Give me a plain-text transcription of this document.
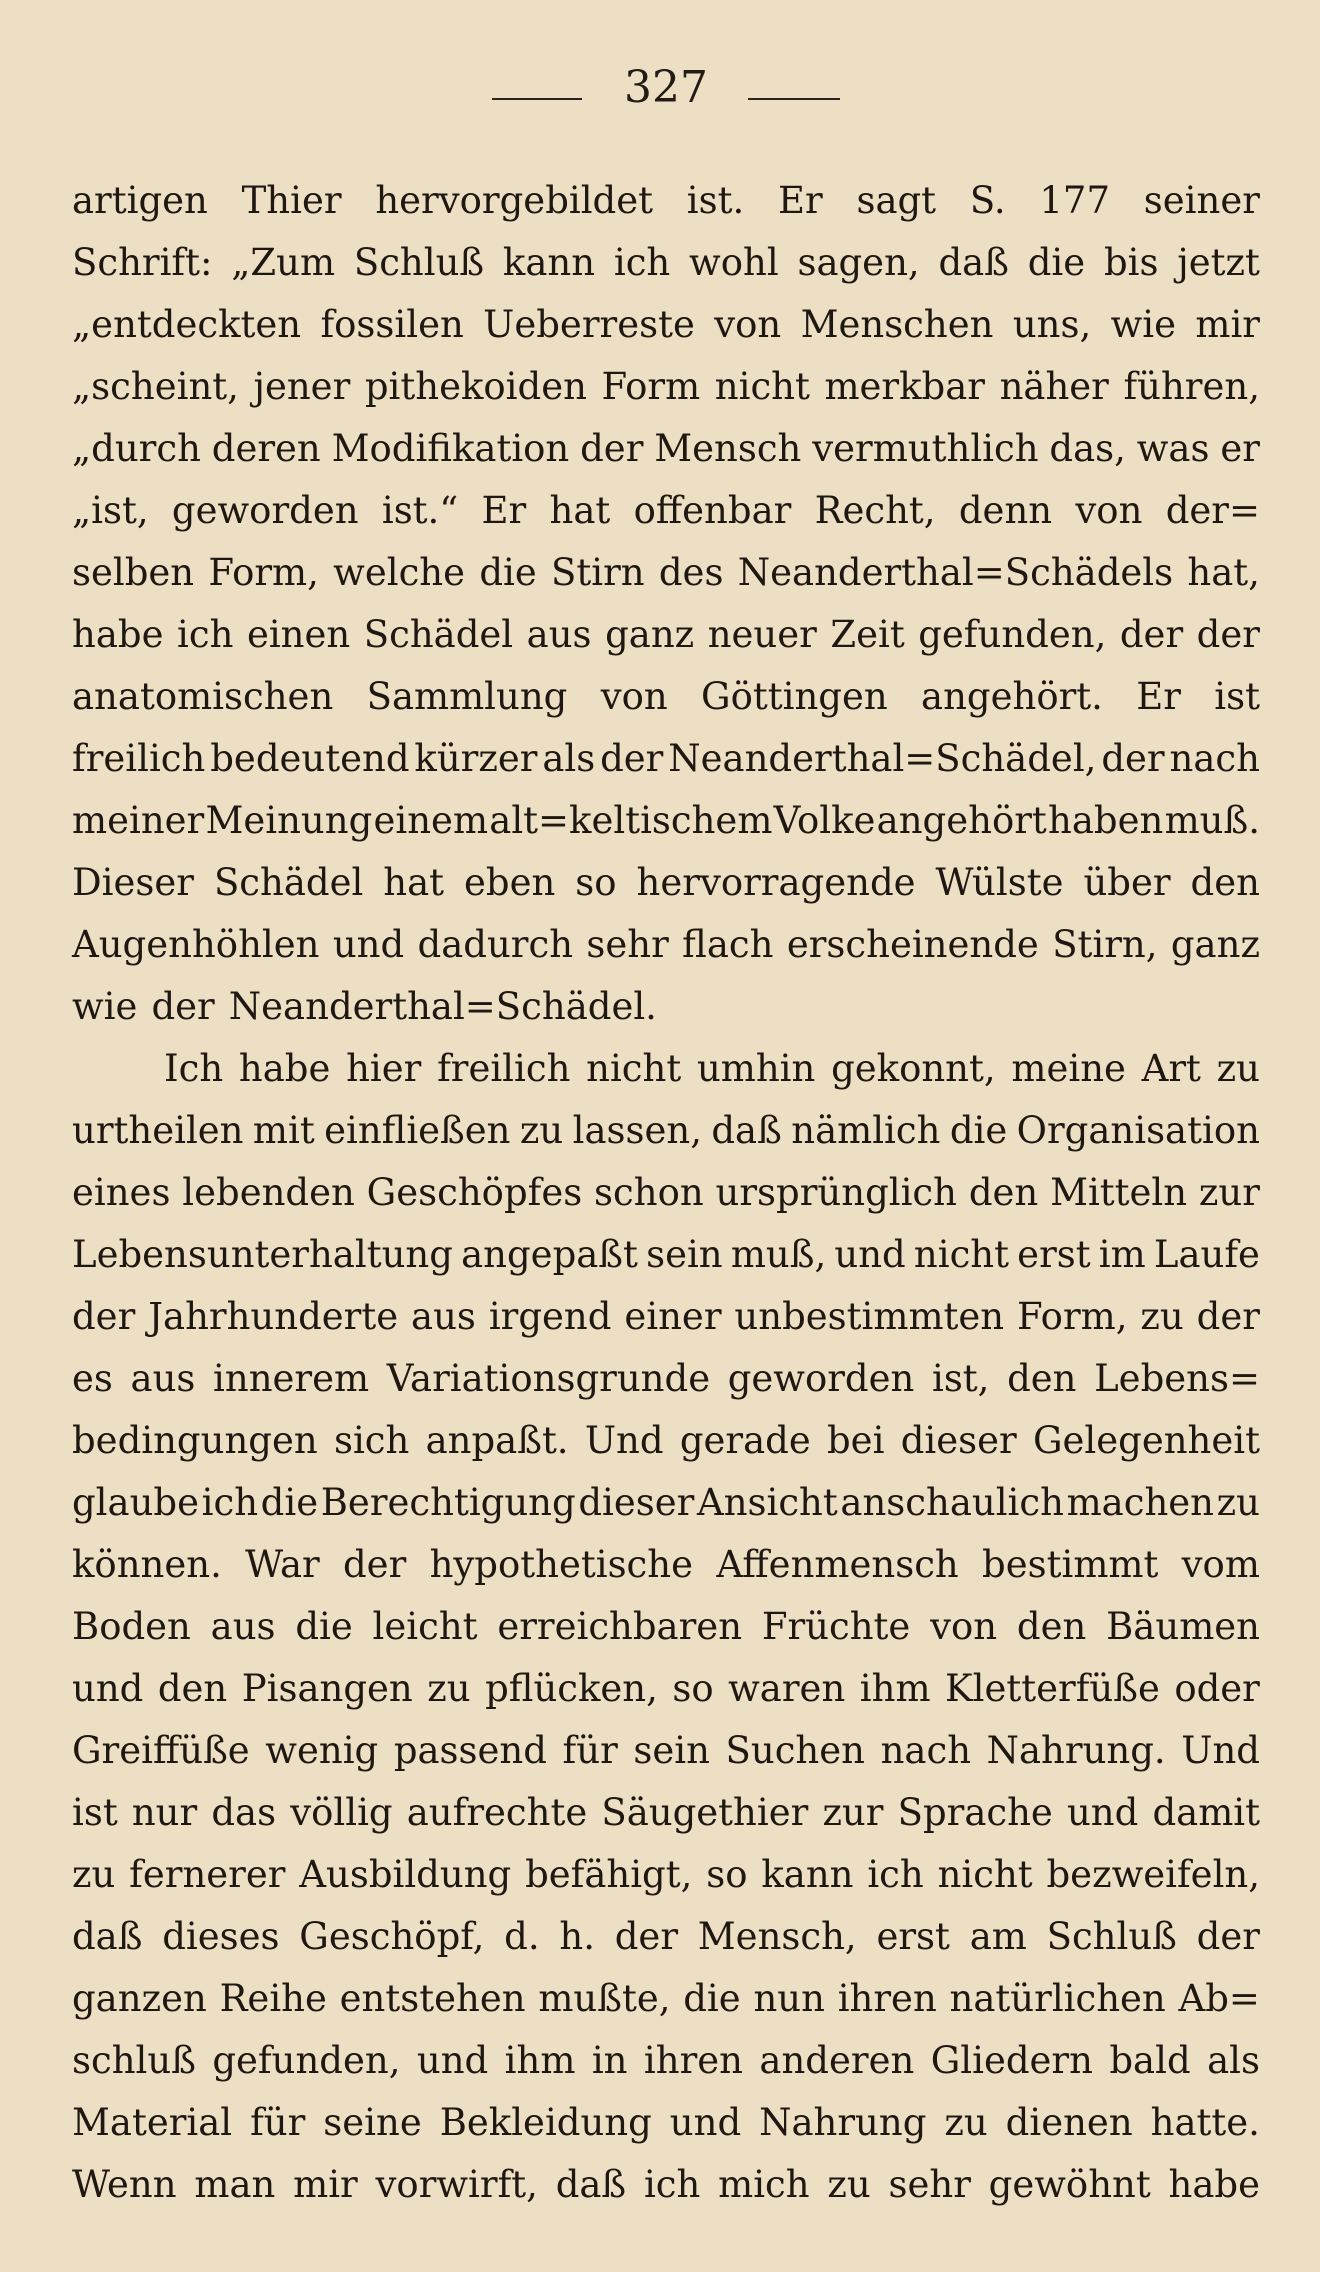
327
artigen Thier hervorgebildet ist. Er sagt S. 177 seiner
Schrift: „Zum Schluß kann ich wohl sagen, daß die bis jetzt
„entdeckten fossilen Ueberreste von Menschen uns, wie mir
„scheint, jener pithekoiden Form nicht merkbar näher führen,
„durch deren Modifikation der Mensch vermuthlich das, was er
„ist, geworden ist.“ Er hat offenbar Recht, denn von der=
selben Form, welche die Stirn des Neanderthal=Schädels hat,
habe ich einen Schädel aus ganz neuer Zeit gefunden, der der
anatomischen Sammlung von Göttingen angehört. Er ist
freilich bedeutend kürzer als der Neanderthal=Schädel, der nach
meiner Meinung einem alt=keltischem Volke angehört haben muß.
Dieser Schädel hat eben so hervorragende Wülste über den
Augenhöhlen und dadurch sehr flach erscheinende Stirn, ganz
wie der Neanderthal=Schädel.
Ich habe hier freilich nicht umhin gekonnt, meine Art zu
urtheilen mit einfließen zu lassen, daß nämlich die Organisation
eines lebenden Geschöpfes schon ursprünglich den Mitteln zur
Lebensunterhaltung angepaßt sein muß, und nicht erst im Laufe
der Jahrhunderte aus irgend einer unbestimmten Form, zu der
es aus innerem Variationsgrunde geworden ist, den Lebens=
bedingungen sich anpaßt. Und gerade bei dieser Gelegenheit
glaube ich die Berechtigung dieser Ansicht anschaulich machen zu
können. War der hypothetische Affenmensch bestimmt vom
Boden aus die leicht erreichbaren Früchte von den Bäumen
und den Pisangen zu pflücken, so waren ihm Kletterfüße oder
Greiffüße wenig passend für sein Suchen nach Nahrung. Und
ist nur das völlig aufrechte Säugethier zur Sprache und damit
zu fernerer Ausbildung befähigt, so kann ich nicht bezweifeln,
daß dieses Geschöpf, d. h. der Mensch, erst am Schluß der
ganzen Reihe entstehen mußte, die nun ihren natürlichen Ab=
schluß gefunden, und ihm in ihren anderen Gliedern bald als
Material für seine Bekleidung und Nahrung zu dienen hatte.
Wenn man mir vorwirft, daß ich mich zu sehr gewöhnt habe
